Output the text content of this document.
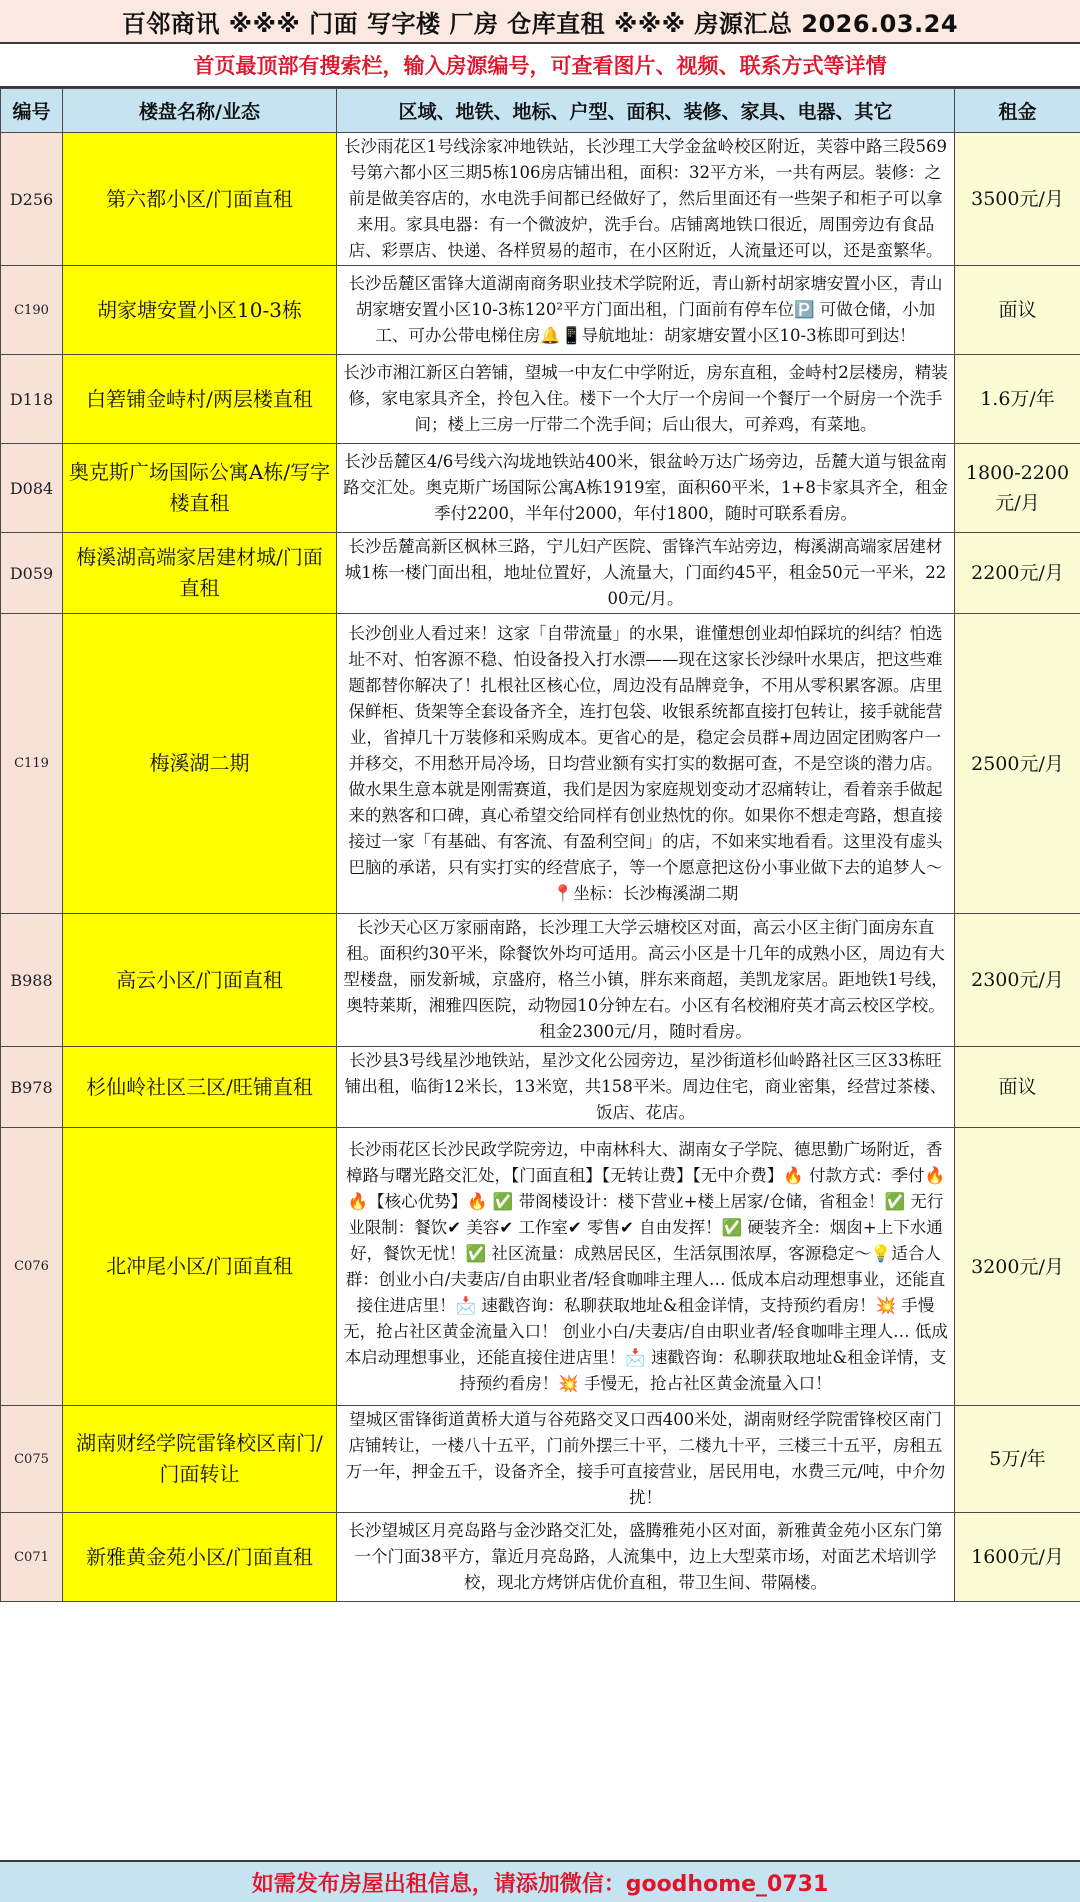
百邻商讯 ※※※ 门面 写字楼 厂房 仓库直租 ※※※ 房源汇总 2026.03.24
首页最顶部有搜索栏，输入房源编号，可查看图片、视频、联系方式等详情
编号	楼盘名称/业态	区域、地铁、地标、户型、面积、装修、家具、电器、其它	租金
D256	第六都小区/门面直租	长沙雨花区1号线涂家冲地铁站，长沙理工大学金盆岭校区附近，芙蓉中路三段569号第六都小区三期5栋106房店铺出租，面积：32平方米，一共有两层。装修：之前是做美容店的，水电洗手间都已经做好了，然后里面还有一些架子和柜子可以拿来用。家具电器：有一个微波炉，洗手台。店铺离地铁口很近，周围旁边有食品店、彩票店、快递、各样贸易的超市，在小区附近，人流量还可以，还是蛮繁华。	3500元/月
C190	胡家塘安置小区10-3栋	长沙岳麓区雷锋大道湖南商务职业技术学院附近，青山新村胡家塘安置小区，青山胡家塘安置小区10-3栋120²平方门面出租，门面前有停车位🅿️ 可做仓储，小加工、可办公带电梯住房🔔📱导航地址：胡家塘安置小区10-3栋即可到达！	面议
D118	白箬铺金峙村/两层楼直租	长沙市湘江新区白箬铺，望城一中友仁中学附近，房东直租，金峙村2层楼房，精装修，家电家具齐全，拎包入住。楼下一个大厅一个房间一个餐厅一个厨房一个洗手间；楼上三房一厅带二个洗手间；后山很大，可养鸡，有菜地。	1.6万/年
D084	奥克斯广场国际公寓A栋/写字楼直租	长沙岳麓区4/6号线六沟垅地铁站400米，银盆岭万达广场旁边，岳麓大道与银盆南路交汇处。奥克斯广场国际公寓A栋1919室，面积60平米，1+8卡家具齐全，租金季付2200，半年付2000，年付1800，随时可联系看房。	1800-2200元/月
D059	梅溪湖高端家居建材城/门面直租	长沙岳麓高新区枫林三路，宁儿妇产医院、雷锋汽车站旁边，梅溪湖高端家居建材城1栋一楼门面出租，地址位置好，人流量大，门面约45平，租金50元一平米，2200元/月。	2200元/月
C119	梅溪湖二期	长沙创业人看过来！这家「自带流量」的水果，谁懂想创业却怕踩坑的纠结？怕选址不对、怕客源不稳、怕设备投入打水漂——现在这家长沙绿叶水果店，把这些难题都替你解决了！扎根社区核心位，周边没有品牌竞争，不用从零积累客源。店里保鲜柜、货架等全套设备齐全，连打包袋、收银系统都直接打包转让，接手就能营业，省掉几十万装修和采购成本。更省心的是，稳定会员群+周边固定团购客户一并移交，不用愁开局冷场，日均营业额有实打实的数据可查，不是空谈的潜力店。做水果生意本就是刚需赛道，我们是因为家庭规划变动才忍痛转让，看着亲手做起来的熟客和口碑，真心希望交给同样有创业热忱的你。如果你不想走弯路，想直接接过一家「有基础、有客流、有盈利空间」的店，不如来实地看看。这里没有虚头巴脑的承诺，只有实打实的经营底子，等一个愿意把这份小事业做下去的追梦人～📍坐标：长沙梅溪湖二期	2500元/月
B988	高云小区/门面直租	长沙天心区万家丽南路，长沙理工大学云塘校区对面，高云小区主街门面房东直租。面积约30平米，除餐饮外均可适用。高云小区是十几年的成熟小区，周边有大型楼盘，丽发新城，京盛府，格兰小镇，胖东来商超，美凯龙家居。距地铁1号线，奥特莱斯，湘雅四医院，动物园10分钟左右。小区有名校湘府英才高云校区学校。租金2300元/月，随时看房。	2300元/月
B978	杉仙岭社区三区/旺铺直租	长沙县3号线星沙地铁站，星沙文化公园旁边，星沙街道杉仙岭路社区三区33栋旺铺出租，临街12米长，13米宽，共158平米。周边住宅，商业密集，经营过茶楼、饭店、花店。	面议
C076	北冲尾小区/门面直租	长沙雨花区长沙民政学院旁边，中南林科大、湖南女子学院、德思勤广场附近，香樟路与曙光路交汇处，【门面直租】【无转让费】【无中介费】🔥 付款方式：季付🔥 🔥【核心优势】🔥 ✅ 带阁楼设计：楼下营业+楼上居家/仓储，省租金！✅ 无行业限制：餐饮✔ 美容✔ 工作室✔ 零售✔ 自由发挥！✅ 硬装齐全：烟囱+上下水通好，餐饮无忧！✅ 社区流量：成熟居民区，生活氛围浓厚，客源稳定～💡适合人群：创业小白/夫妻店/自由职业者/轻食咖啡主理人… 低成本启动理想事业，还能直接住进店里！📩 速戳咨询：私聊获取地址&租金详情，支持预约看房！💥 手慢无，抢占社区黄金流量入口！ 创业小白/夫妻店/自由职业者/轻食咖啡主理人… 低成本启动理想事业，还能直接住进店里！📩 速戳咨询：私聊获取地址&租金详情，支持预约看房！💥 手慢无，抢占社区黄金流量入口！	3200元/月
C075	湖南财经学院雷锋校区南门/门面转让	望城区雷锋街道黄桥大道与谷苑路交叉口西400米处，湖南财经学院雷锋校区南门店铺转让，一楼八十五平，门前外摆三十平，二楼九十平，三楼三十五平，房租五万一年，押金五千，设备齐全，接手可直接营业，居民用电，水费三元/吨，中介勿扰！	5万/年
C071	新雅黄金苑小区/门面直租	长沙望城区月亮岛路与金沙路交汇处，盛腾雅苑小区对面，新雅黄金苑小区东门第一个门面38平方，靠近月亮岛路，人流集中，边上大型菜市场，对面艺术培训学校，现北方烤饼店优价直租，带卫生间、带隔楼。	1600元/月
如需发布房屋出租信息，请添加微信：goodhome_0731
